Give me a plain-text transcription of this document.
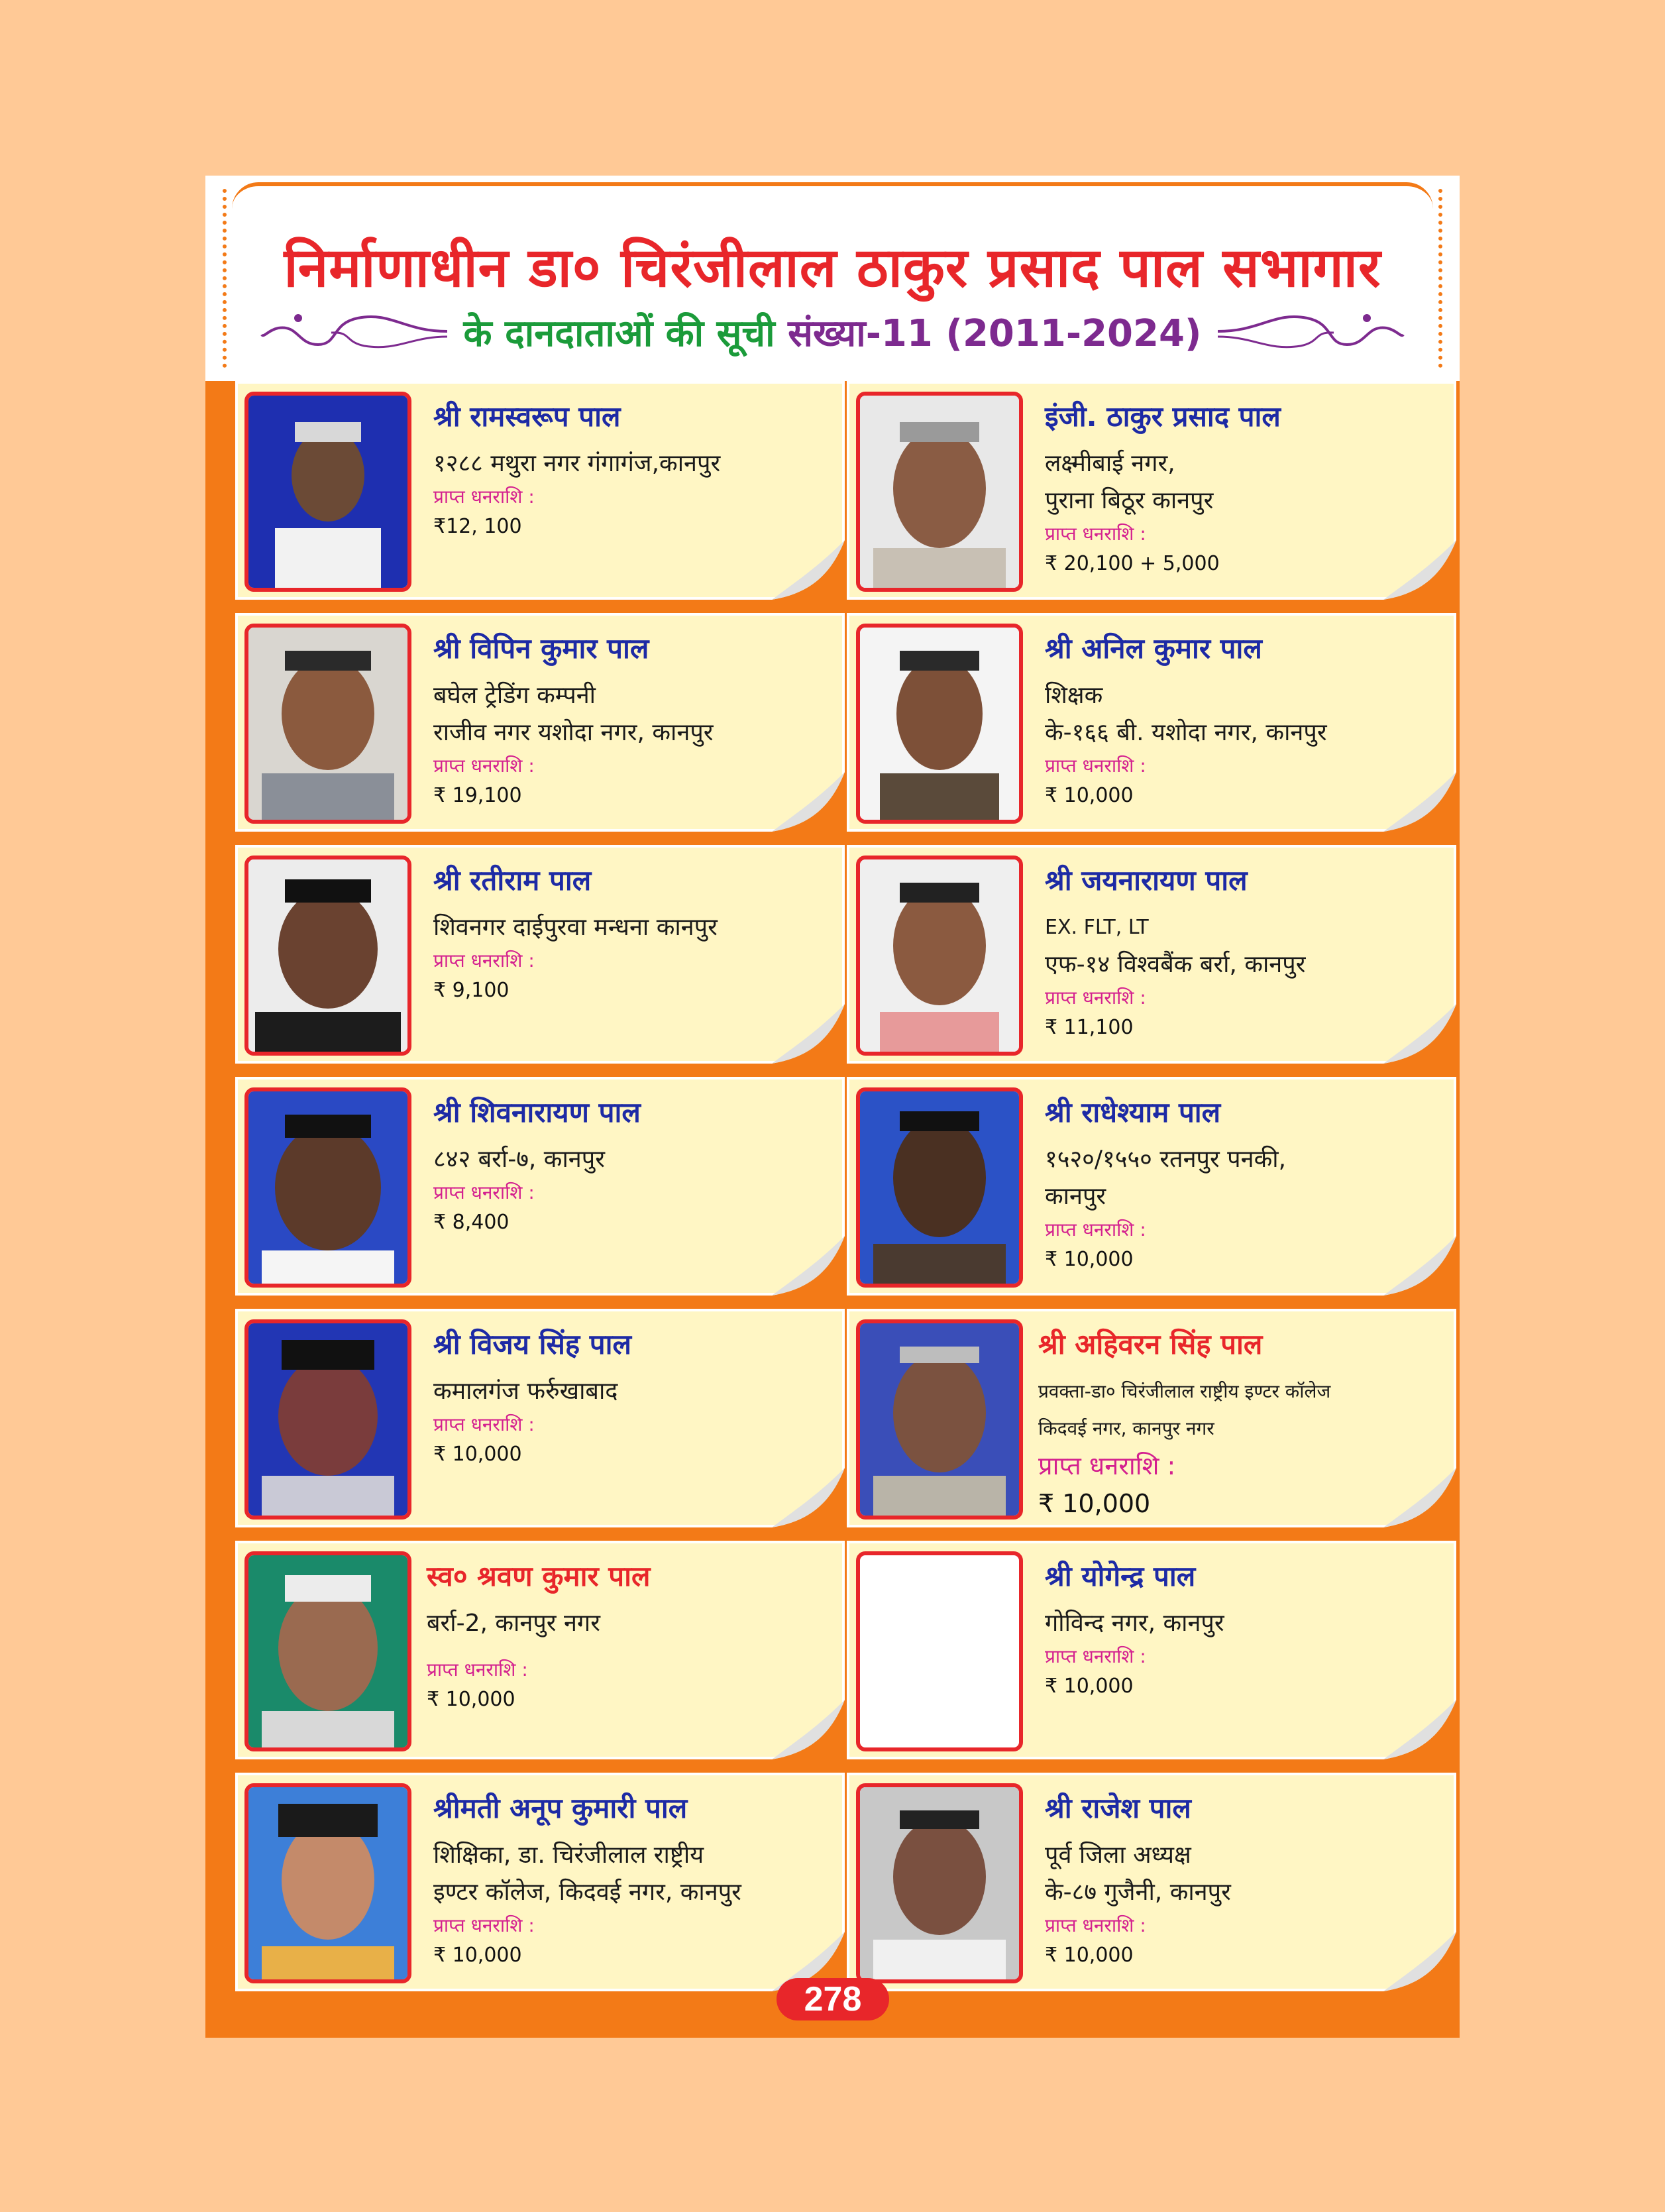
निर्माणाधीन डा० चिरंजीलाल ठाकुर प्रसाद पाल सभागार
के दानदाताओं की सूची संख्या-11 (2011-2024)
श्री रामस्वरूप पाल
१२८८ मथुरा नगर गंगागंज,कानपुर
प्राप्त धनराशि :
₹12, 100
इंजी. ठाकुर प्रसाद पाल
लक्ष्मीबाई नगर,
पुराना बिठूर कानपुर
प्राप्त धनराशि :
₹ 20,100 + 5,000
श्री विपिन कुमार पाल
बघेल ट्रेडिंग कम्पनी
राजीव नगर यशोदा नगर, कानपुर
प्राप्त धनराशि :
₹ 19,100
श्री अनिल कुमार पाल
शिक्षक
के-१६६ बी. यशोदा नगर, कानपुर
प्राप्त धनराशि :
₹ 10,000
श्री रतीराम पाल
शिवनगर दाईपुरवा मन्धना कानपुर
प्राप्त धनराशि :
₹ 9,100
श्री जयनारायण पाल
EX. FLT, LT
एफ-१४ विश्वबैंक बर्रा, कानपुर
प्राप्त धनराशि :
₹ 11,100
श्री शिवनारायण पाल
८४२ बर्रा-७, कानपुर
प्राप्त धनराशि :
₹ 8,400
श्री राधेश्याम पाल
१५२०/१५५० रतनपुर पनकी,
कानपुर
प्राप्त धनराशि :
₹ 10,000
श्री विजय सिंह पाल
कमालगंज फर्रुखाबाद
प्राप्त धनराशि :
₹ 10,000
श्री अहिवरन सिंह पाल
प्रवक्ता-डा० चिरंजीलाल राष्ट्रीय इण्टर कॉलेज
किदवई नगर, कानपुर नगर
प्राप्त धनराशि :
₹ 10,000
स्व० श्रवण कुमार पाल
बर्रा-2, कानपुर नगर
प्राप्त धनराशि :
₹ 10,000
श्री योगेन्द्र पाल
गोविन्द नगर, कानपुर
प्राप्त धनराशि :
₹ 10,000
श्रीमती अनूप कुमारी पाल
शिक्षिका, डा. चिरंजीलाल राष्ट्रीय
इण्टर कॉलेज, किदवई नगर, कानपुर
प्राप्त धनराशि :
₹ 10,000
श्री राजेश पाल
पूर्व जिला अध्यक्ष
के-८७ गुजैनी, कानपुर
प्राप्त धनराशि :
₹ 10,000
278
